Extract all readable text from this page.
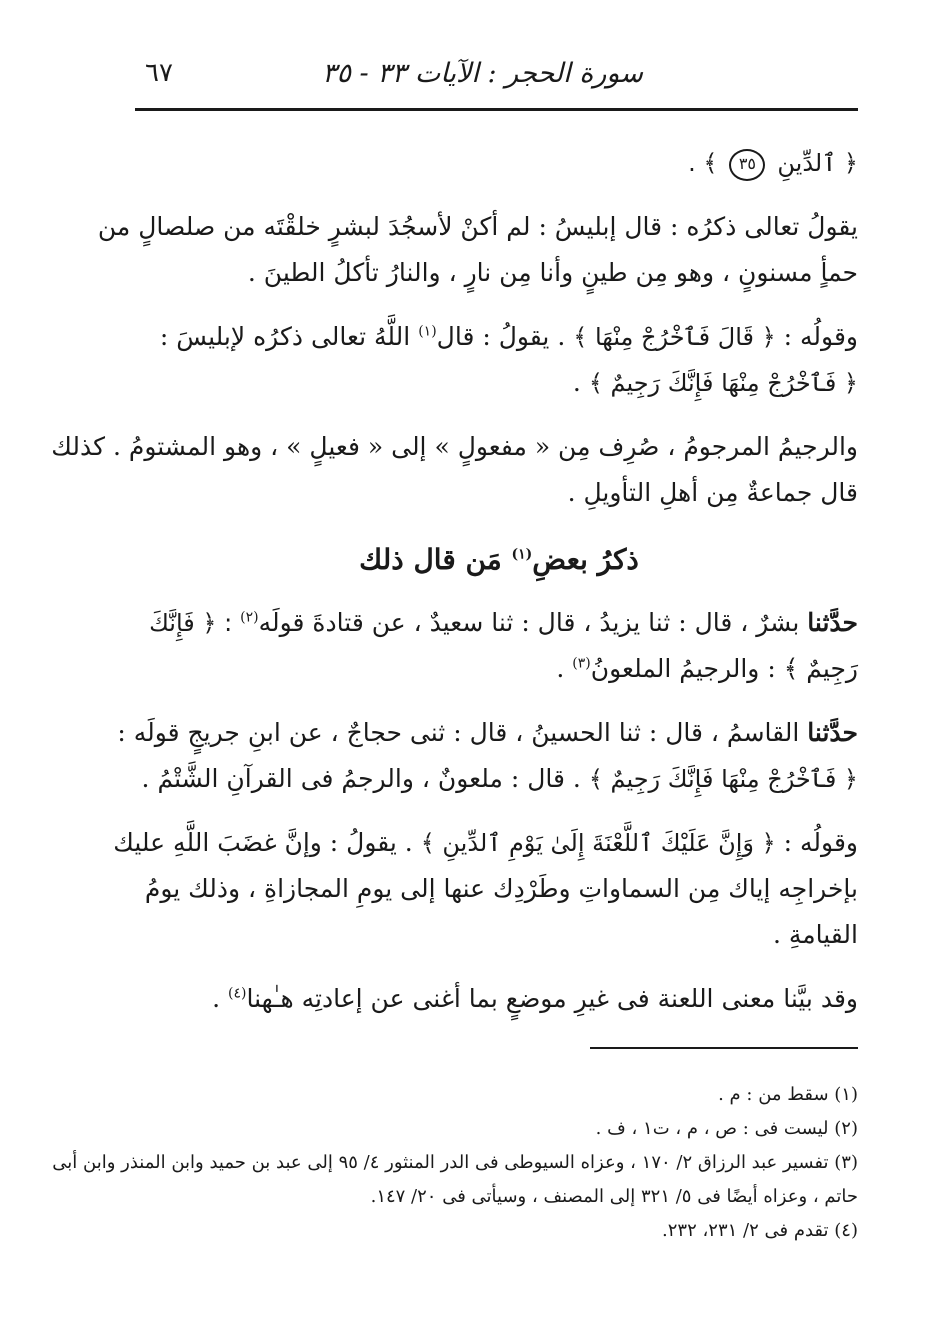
سورة الحجر : الآيات ٣٣ - ٣٥
٦٧

﴿ ٱلدِّينِ ٣٥ ﴾ .

يقولُ تعالى ذكرُه : قال إبليسُ : لم أكنْ لأسجُدَ لبشرٍ خلقْتَه من صلصالٍ من

حمأٍ مسنونٍ ، وهو مِن طينٍ وأنا مِن نارٍ ، والنارُ تأكلُ الطينَ .

وقولُه : ﴿ قَالَ فَٱخْرُجْ مِنْهَا ﴾ . يقولُ : قال$^{(١)}$ اللَّهُ تعالى ذكرُه لإبليسَ :

﴿ فَٱخْرُجْ مِنْهَا فَإِنَّكَ رَجِيمٌ ﴾ .

والرجيمُ المرجومُ ، صُرِف مِن « مفعولٍ » إلى « فعيلٍ » ، وهو المشتومُ . كذلك

قال جماعةٌ مِن أهلِ التأويلِ .

ذكرُ بعضِ$^{(١)}$ مَن قال ذلك

حدَّثنا بشرٌ ، قال : ثنا يزيدُ ، قال : ثنا سعيدٌ ، عن قتادةَ قولَه$^{(٢)}$ : ﴿ فَإِنَّكَ

رَجِيمٌ ﴾ : والرجيمُ الملعونُ$^{(٣)}$ .

حدَّثنا القاسمُ ، قال : ثنا الحسينُ ، قال : ثنى حجاجٌ ، عن ابنِ جريجٍ قولَه :

﴿ فَٱخْرُجْ مِنْهَا فَإِنَّكَ رَجِيمٌ ﴾ . قال : ملعونٌ ، والرجمُ فى القرآنِ الشَّتْمُ .

وقولُه : ﴿ وَإِنَّ عَلَيْكَ ٱللَّعْنَةَ إِلَىٰ يَوْمِ ٱلدِّينِ ﴾ . يقولُ : وإنَّ غضَبَ اللَّهِ عليك

بإخراجِه إياك مِن السماواتِ وطَرْدِك عنها إلى يومِ المجازاةِ ، وذلك يومُ القيامةِ .

وقد بيَّنا معنى اللعنة فى غيرِ موضعٍ بما أغنى عن إعادتِه هـٰهنا$^{(٤)}$ .

(١) سقط من : م .

(٢) ليست فى : ص ، م ، ت١ ، ف .

(٣) تفسير عبد الرزاق ٢/ ١٧٠ ، وعزاه السيوطى فى الدر المنثور ٤/ ٩٥ إلى عبد بن حميد وابن المنذر وابن أبى

حاتم ، وعزاه أيضًا فى ٥/ ٣٢١ إلى المصنف ، وسيأتى فى ٢٠/ ١٤٧.

(٤) تقدم فى ٢/ ٢٣١، ٢٣٢.
